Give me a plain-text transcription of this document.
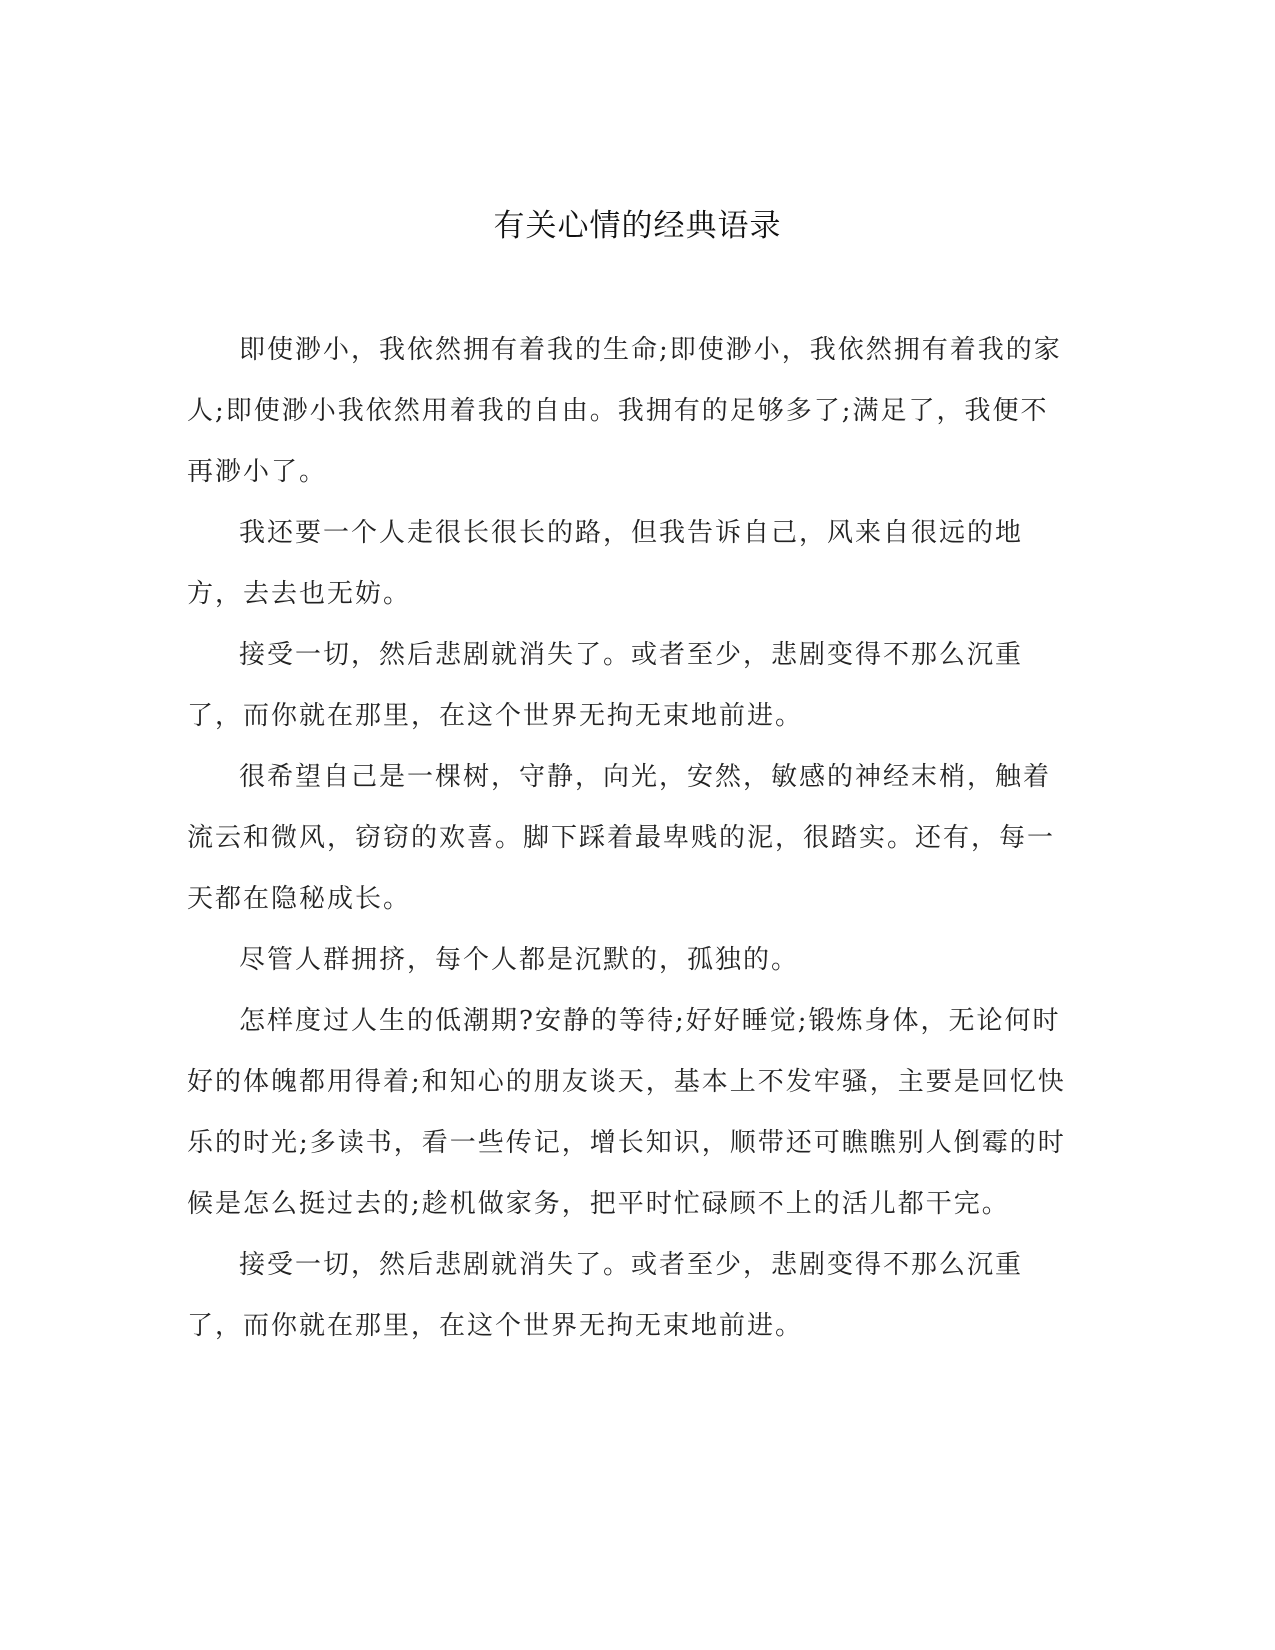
有关心情的经典语录

即使渺小，我依然拥有着我的生命;即使渺小，我依然拥有着我的家人;即使渺小我依然用着我的自由。我拥有的足够多了;满足了，我便不再渺小了。

我还要一个人走很长很长的路，但我告诉自己，风来自很远的地方，去去也无妨。

接受一切，然后悲剧就消失了。或者至少，悲剧变得不那么沉重了，而你就在那里，在这个世界无拘无束地前进。

很希望自己是一棵树，守静，向光，安然，敏感的神经末梢，触着流云和微风，窃窃的欢喜。脚下踩着最卑贱的泥，很踏实。还有，每一天都在隐秘成长。

尽管人群拥挤，每个人都是沉默的，孤独的。

怎样度过人生的低潮期?安静的等待;好好睡觉;锻炼身体，无论何时好的体魄都用得着;和知心的朋友谈天，基本上不发牢骚，主要是回忆快乐的时光;多读书，看一些传记，增长知识，顺带还可瞧瞧别人倒霉的时候是怎么挺过去的;趁机做家务，把平时忙碌顾不上的活儿都干完。

接受一切，然后悲剧就消失了。或者至少，悲剧变得不那么沉重了，而你就在那里，在这个世界无拘无束地前进。
